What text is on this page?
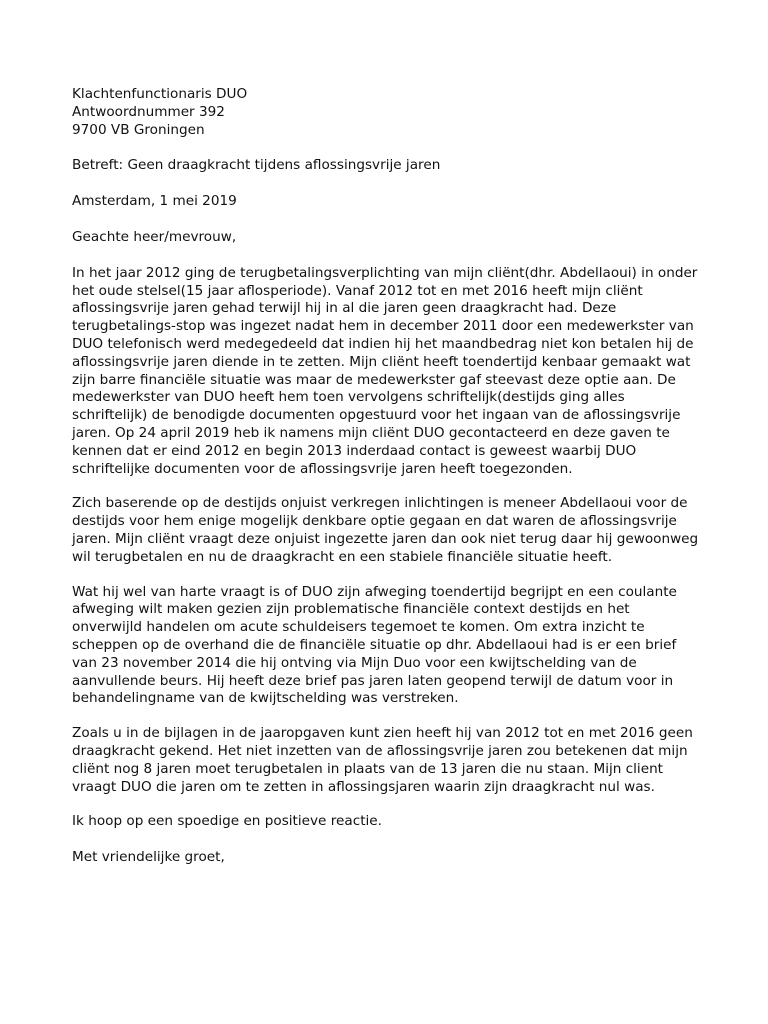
Klachtenfunctionaris DUO
Antwoordnummer 392
9700 VB Groningen
Betreft: Geen draagkracht tijdens aflossingsvrije jaren
Amsterdam, 1 mei 2019
Geachte heer/mevrouw,

In het jaar 2012 ging de terugbetalingsverplichting van mijn cliënt(dhr. Abdellaoui) in onder het oude stelsel(15 jaar aflosperiode). Vanaf 2012 tot en met 2016 heeft mijn cliënt aflossingsvrije jaren gehad terwijl hij in al die jaren geen draagkracht had. Deze terugbetalings-stop was ingezet nadat hem in december 2011 door een medewerkster van DUO telefonisch werd medegedeeld dat indien hij het maandbedrag niet kon betalen hij de aflossingsvrije jaren diende in te zetten. Mijn cliënt heeft toendertijd kenbaar gemaakt wat zijn barre financiële situatie was maar de medewerkster gaf steevast deze optie aan. De medewerkster van DUO heeft hem toen vervolgens schriftelijk(destijds ging alles schriftelijk) de benodigde documenten opgestuurd voor het ingaan van de aflossingsvrije jaren. Op 24 april 2019 heb ik namens mijn cliënt DUO gecontacteerd en deze gaven te kennen dat er eind 2012 en begin 2013 inderdaad contact is geweest waarbij DUO schriftelijke documenten voor de aflossingsvrije jaren heeft toegezonden.

Zich baserende op de destijds onjuist verkregen inlichtingen is meneer Abdellaoui voor de destijds voor hem enige mogelijk denkbare optie gegaan en dat waren de aflossingsvrije jaren. Mijn cliënt vraagt deze onjuist ingezette jaren dan ook niet terug daar hij gewoonweg wil terugbetalen en nu de draagkracht en een stabiele financiële situatie heeft.

Wat hij wel van harte vraagt is of DUO zijn afweging toendertijd begrijpt en een coulante afweging wilt maken gezien zijn problematische financiële context destijds en het onverwijld handelen om acute schuldeisers tegemoet te komen. Om extra inzicht te scheppen op de overhand die de financiële situatie op dhr. Abdellaoui had is er een brief van 23 november 2014 die hij ontving via Mijn Duo voor een kwijtschelding van de aanvullende beurs. Hij heeft deze brief pas jaren laten geopend terwijl de datum voor in behandelingname van de kwijtschelding was verstreken.

Zoals u in de bijlagen in de jaaropgaven kunt zien heeft hij van 2012 tot en met 2016 geen draagkracht gekend. Het niet inzetten van de aflossingsvrije jaren zou betekenen dat mijn cliënt nog 8 jaren moet terugbetalen in plaats van de 13 jaren die nu staan. Mijn client vraagt DUO die jaren om te zetten in aflossingsjaren waarin zijn draagkracht nul was.

Ik hoop op een spoedige en positieve reactie.
Met vriendelijke groet,
